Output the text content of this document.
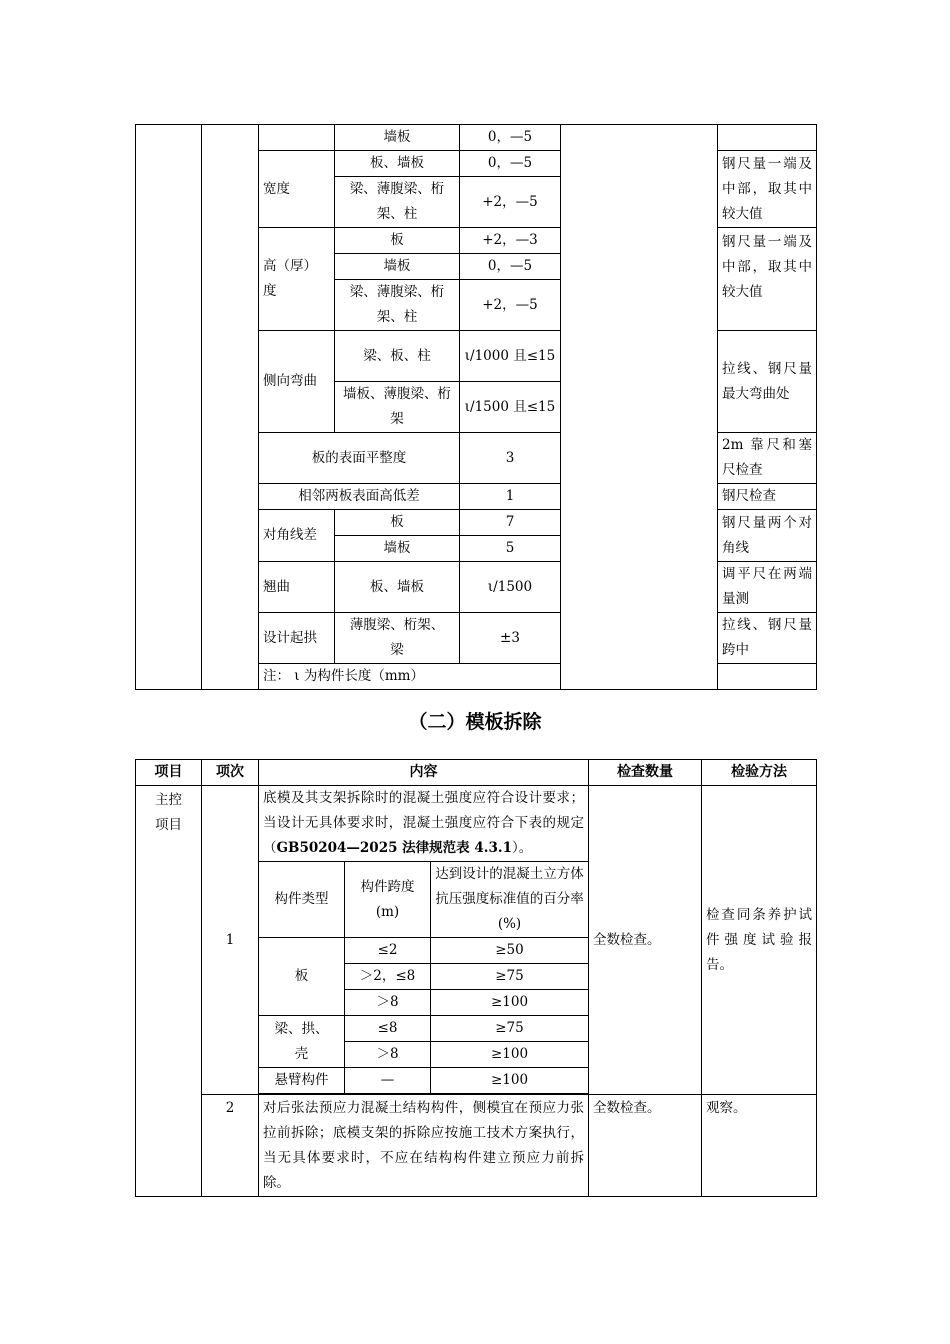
			墙板	0，—5		
		宽度	板、墙板	0，—5		钢尺量一端及中部，取其中较大值
			梁、薄腹梁、桁架、柱	+2，—5		
		高（厚）度	板	+2，—3		钢尺量一端及中部，取其中较大值
			墙板	0，—5		
			梁、薄腹梁、桁架、柱	+2，—5		
		侧向弯曲	梁、板、柱	ι/1000 且≤15		拉线、钢尺量最大弯曲处
			墙板、薄腹梁、桁架	ι/1500 且≤15		
		板的表面平整度		3		2m 靠尺和塞尺检查
		相邻两板表面高低差		1		钢尺检查
		对角线差	板	7		钢尺量两个对角线
			墙板	5		
		翘曲	板、墙板	ι/1500		调平尺在两端量测
		设计起拱	薄腹梁、桁架、梁	±3		拉线、钢尺量跨中
		注： ι 为构件长度（mm）				
（二）模板拆除
项目	项次	内容			检查数量	检验方法
主控项目	1	底模及其支架拆除时的混凝土强度应符合设计要求；当设计无具体要求时，混凝土强度应符合下表的规定（GB50204—2025 法律规范表 4.3.1）。			全数检查。	检查同条养护试件强度试验报告。
		构件类型	构件跨度(m)	达到设计的混凝土立方体抗压强度标准值的百分率(%)		
		板	≤2	≥50		
			＞2，≤8	≥75		
			＞8	≥100		
		梁、拱、壳	≤8	≥75		
			＞8	≥100		
		悬臂构件	—	≥100		

	2	对后张法预应力混凝土结构构件，侧模宜在预应力张拉前拆除；底模支架的拆除应按施工技术方案执行，当无具体要求时，不应在结构构件建立预应力前拆除。			全数检查。	观察。
